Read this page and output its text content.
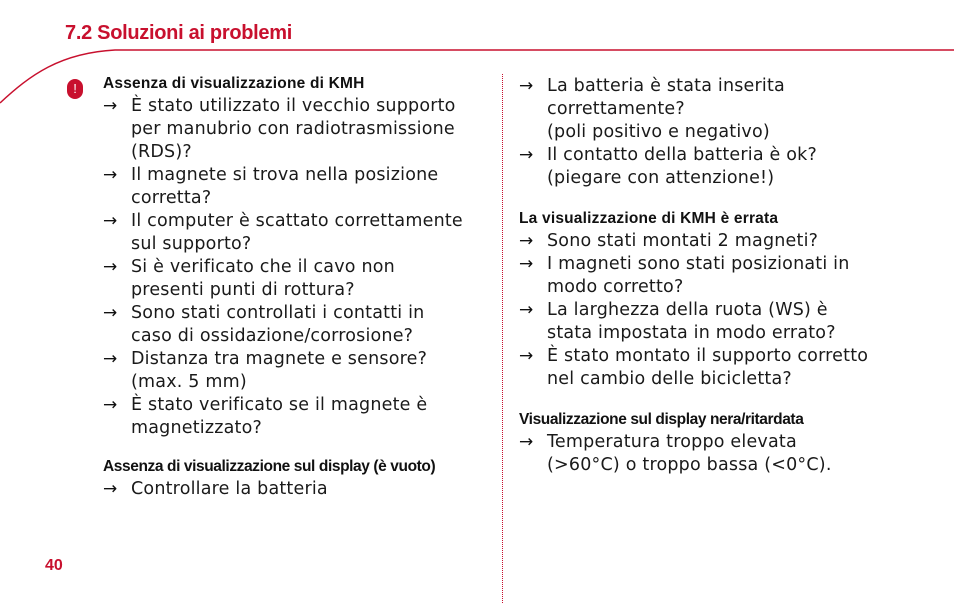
7.2 Soluzioni ai problemi
!	Assenza di visualizzazione di KMH
→ È stato utilizzato il vecchio supporto
per manubrio con radiotrasmissione
(RDS)?
→ Il magnete si trova nella posizione
corretta?
→ Il computer è scattato correttamente
sul supporto?
→ Si è verificato che il cavo non
presenti punti di rottura?
→ Sono stati controllati i contatti in
caso di ossidazione/corrosione?
→ Distanza tra magnete e sensore?
(max. 5 mm)
→ È stato verificato se il magnete è
magnetizzato?
Assenza di visualizzazione sul display (è vuoto)
→ Controllare la batteria
→ La batteria è stata inserita
correttamente?
(poli positivo e negativo)
→ Il contatto della batteria è ok?
(piegare con attenzione!)
La visualizzazione di KMH è errata
→ Sono stati montati 2 magneti?
→ I magneti sono stati posizionati in
modo corretto?
→ La larghezza della ruota (WS) è
stata impostata in modo errato?
→ È stato montato il supporto corretto
nel cambio delle bicicletta?
Visualizzazione sul display nera/ritardata
→ Temperatura troppo elevata
(>60°C) o troppo bassa (<0°C).
40
